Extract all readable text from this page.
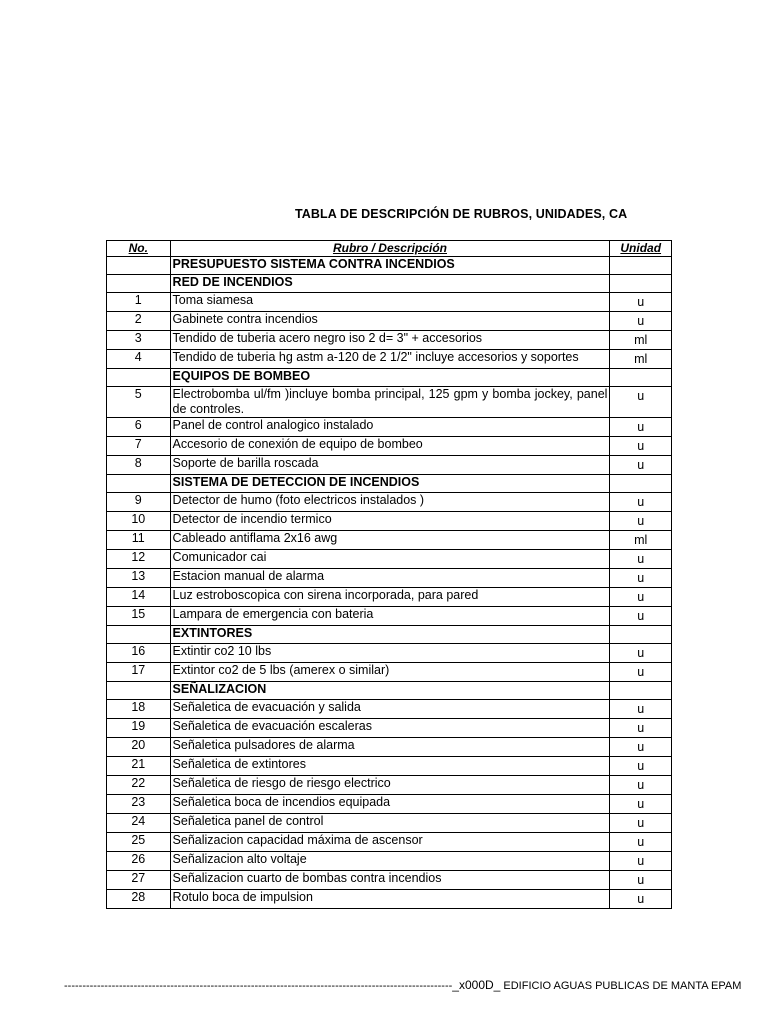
TABLA DE DESCRIPCIÓN DE RUBROS, UNIDADES, CA
No.	Rubro / Descripción	Unidad
	PRESUPUESTO SISTEMA CONTRA INCENDIOS	
	RED DE INCENDIOS	
1	Toma siamesa	u
2	Gabinete contra incendios	u
3	Tendido de tuberia acero negro iso 2 d= 3" + accesorios	ml
4	Tendido de tuberia hg astm a-120 de 2 1/2" incluye accesorios y soportes	ml
	EQUIPOS DE BOMBEO	
5	Electrobomba ul/fm )incluye bomba principal, 125 gpm y bomba jockey, panel de controles.	u
6	Panel de control analogico instalado	u
7	Accesorio de conexión de equipo de bombeo	u
8	Soporte de barilla roscada	u
	SISTEMA DE DETECCION DE INCENDIOS	
9	Detector de humo (foto electricos instalados )	u
10	Detector de incendio termico	u
11	Cableado antiflama 2x16 awg	ml
12	Comunicador cai	u
13	Estacion manual de alarma	u
14	Luz estroboscopica con sirena incorporada, para pared	u
15	Lampara de emergencia con bateria	u
	EXTINTORES	
16	Extintir co2 10 lbs	u
17	Extintor co2 de 5 lbs (amerex o similar)	u
	SEÑALIZACION	
18	Señaletica de evacuación y salida	u
19	Señaletica de evacuación escaleras	u
20	Señaletica pulsadores de alarma	u
21	Señaletica de extintores	u
22	Señaletica de riesgo de riesgo electrico	u
23	Señaletica boca de incendios equipada	u
24	Señaletica panel de control	u
25	Señalizacion capacidad máxima de ascensor	u
26	Señalizacion alto voltaje	u
27	Señalizacion cuarto de bombas contra incendios	u
28	Rotulo boca de impulsion	u
----------------------------------------------------------------------------------------------------------_x000D_ EDIFICIO AGUAS PUBLICAS DE MANTA EPAM
